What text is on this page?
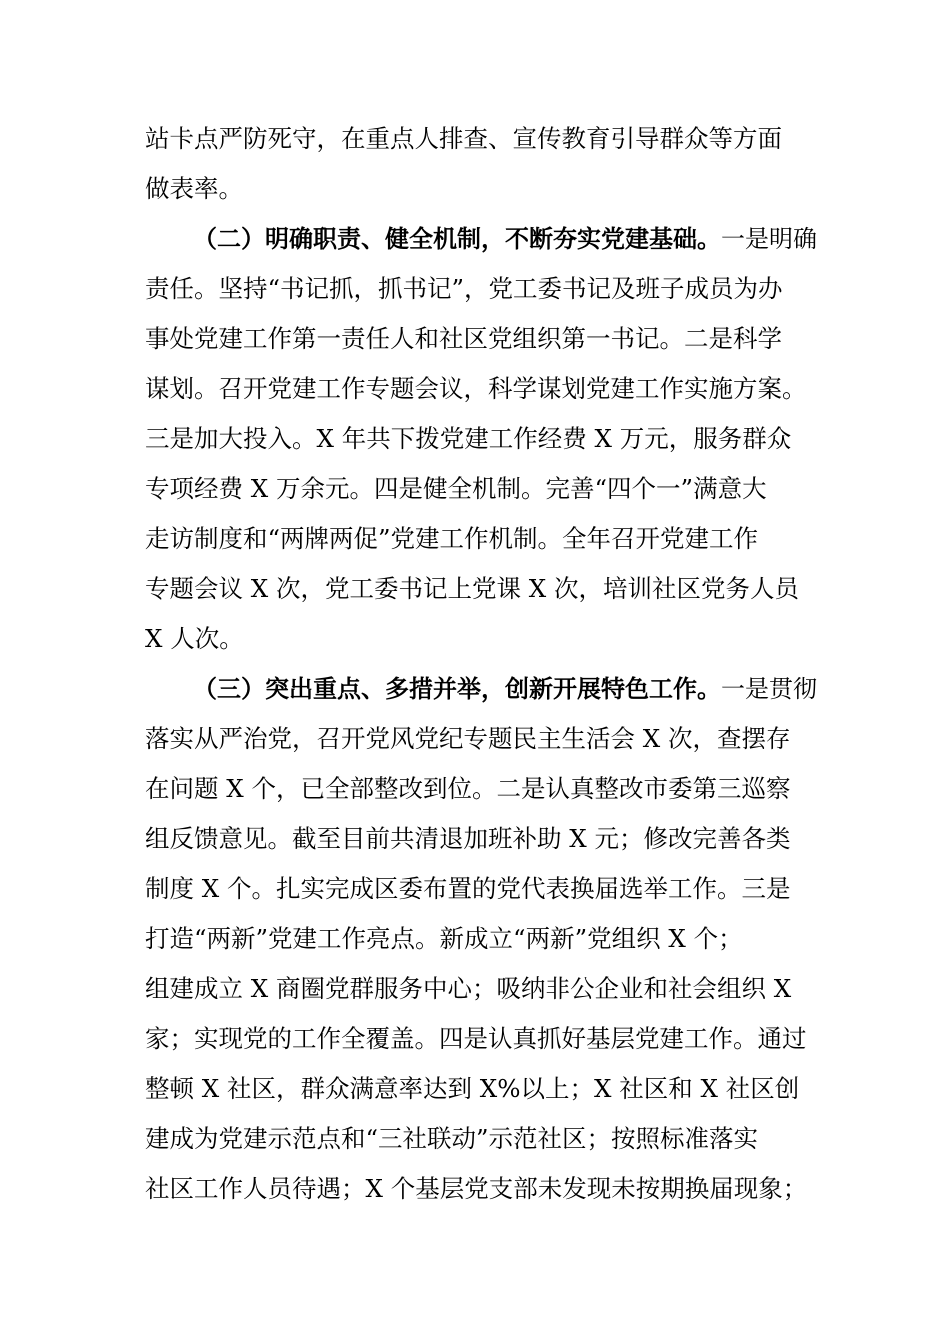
站卡点严防死守，在重点人排查、宣传教育引导群众等方面
做表率。
（二）明确职责、健全机制，不断夯实党建基础。一是明确
责任。坚持“书记抓，抓书记”，党工委书记及班子成员为办
事处党建工作第一责任人和社区党组织第一书记。二是科学
谋划。召开党建工作专题会议，科学谋划党建工作实施方案。
三是加大投入。X 年共下拨党建工作经费 X 万元，服务群众
专项经费 X 万余元。四是健全机制。完善“四个一”满意大
走访制度和“两牌两促”党建工作机制。全年召开党建工作
专题会议 X 次，党工委书记上党课 X 次，培训社区党务人员
X 人次。
（三）突出重点、多措并举，创新开展特色工作。一是贯彻
落实从严治党，召开党风党纪专题民主生活会 X 次，查摆存
在问题 X 个，已全部整改到位。二是认真整改市委第三巡察
组反馈意见。截至目前共清退加班补助 X 元；修改完善各类
制度 X 个。扎实完成区委布置的党代表换届选举工作。三是
打造“两新”党建工作亮点。新成立“两新”党组织 X 个；
组建成立 X 商圈党群服务中心；吸纳非公企业和社会组织 X
家；实现党的工作全覆盖。四是认真抓好基层党建工作。通过
整顿 X 社区，群众满意率达到 X%以上；X 社区和 X 社区创
建成为党建示范点和“三社联动”示范社区；按照标准落实
社区工作人员待遇；X 个基层党支部未发现未按期换届现象；
